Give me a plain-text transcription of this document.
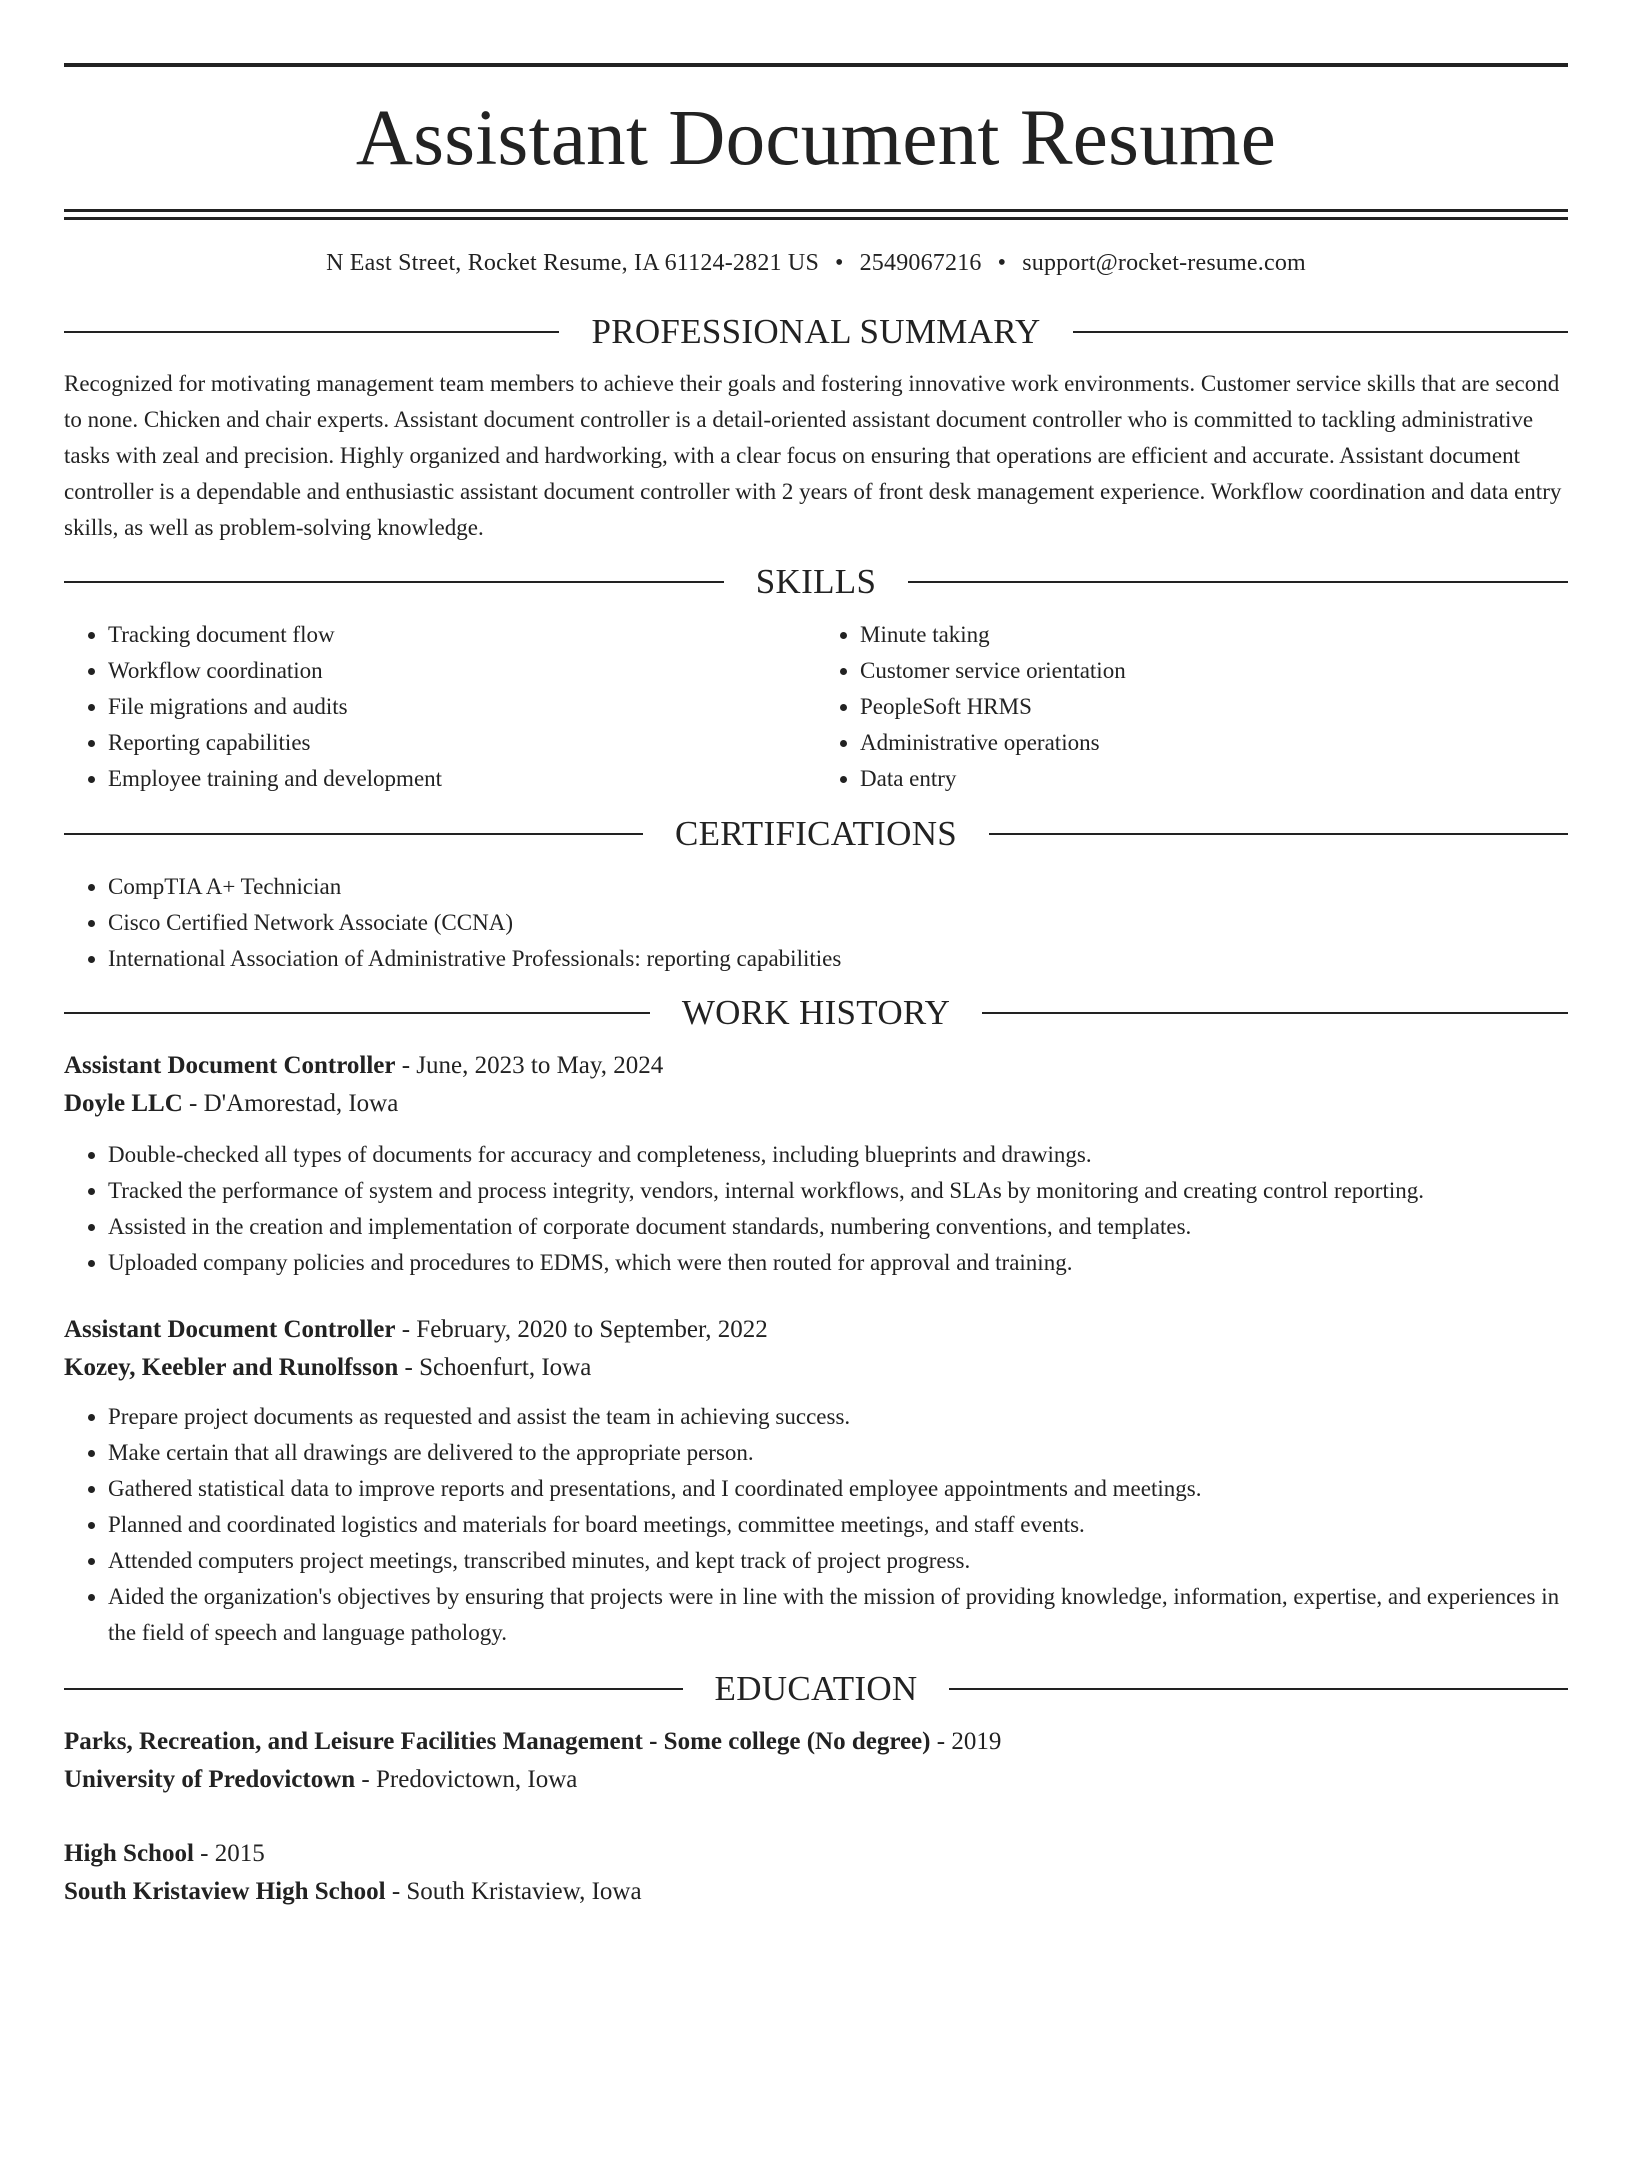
Assistant Document Resume
N East Street, Rocket Resume, IA 61124-2821 US • 2549067216 • support@rocket-resume.com
PROFESSIONAL SUMMARY

Recognized for motivating management team members to achieve their goals and fostering innovative work environments. Customer service skills that are second to none. Chicken and chair experts. Assistant document controller is a detail-oriented assistant document controller who is committed to tackling administrative tasks with zeal and precision. Highly organized and hardworking, with a clear focus on ensuring that operations are efficient and accurate. Assistant document controller is a dependable and enthusiastic assistant document controller with 2 years of front desk management experience. Workflow coordination and data entry skills, as well as problem-solving knowledge.

SKILLS
• Tracking document flow
• Workflow coordination
• File migrations and audits
• Reporting capabilities
• Employee training and development
• Minute taking
• Customer service orientation
• PeopleSoft HRMS
• Administrative operations
• Data entry
CERTIFICATIONS
• CompTIA A+ Technician
• Cisco Certified Network Associate (CCNA)
• International Association of Administrative Professionals: reporting capabilities
WORK HISTORY

Assistant Document Controller - June, 2023 to May, 2024

Doyle LLC - D'Amorestad, Iowa

• Double-checked all types of documents for accuracy and completeness, including blueprints and drawings.
• Tracked the performance of system and process integrity, vendors, internal workflows, and SLAs by monitoring and creating control reporting.
• Assisted in the creation and implementation of corporate document standards, numbering conventions, and templates.
• Uploaded company policies and procedures to EDMS, which were then routed for approval and training.

Assistant Document Controller - February, 2020 to September, 2022

Kozey, Keebler and Runolfsson - Schoenfurt, Iowa

• Prepare project documents as requested and assist the team in achieving success.
• Make certain that all drawings are delivered to the appropriate person.
• Gathered statistical data to improve reports and presentations, and I coordinated employee appointments and meetings.
• Planned and coordinated logistics and materials for board meetings, committee meetings, and staff events.
• Attended computers project meetings, transcribed minutes, and kept track of project progress.
• Aided the organization's objectives by ensuring that projects were in line with the mission of providing knowledge, information, expertise, and experiences in the field of speech and language pathology.
EDUCATION

Parks, Recreation, and Leisure Facilities Management - Some college (No degree) - 2019

University of Predovictown - Predovictown, Iowa

High School - 2015

South Kristaview High School - South Kristaview, Iowa
